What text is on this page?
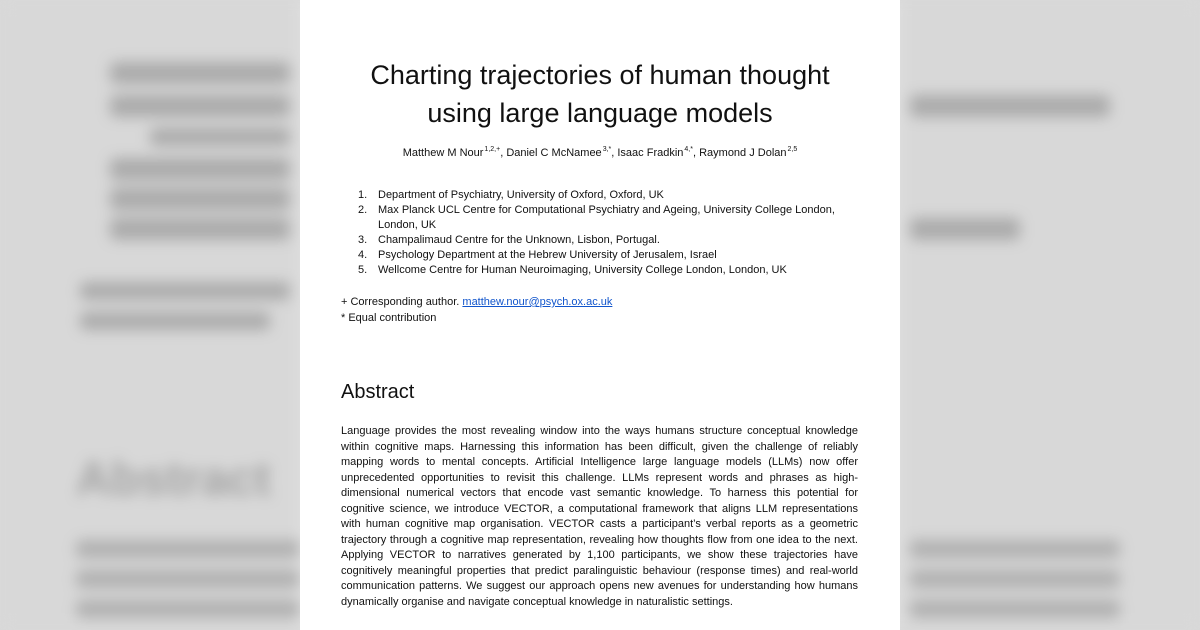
Abstract
Charting trajectories of human thought
using large language models
Matthew M Nour$^{1,2,+}$, Daniel C McNamee$^{3,*}$, Isaac Fradkin$^{4,*}$, Raymond J Dolan$^{2,5}$
1. Department of Psychiatry, University of Oxford, Oxford, UK
2. Max Planck UCL Centre for Computational Psychiatry and Ageing, University College London, London, UK
3. Champalimaud Centre for the Unknown, Lisbon, Portugal.
4. Psychology Department at the Hebrew University of Jerusalem, Israel
5. Wellcome Centre for Human Neuroimaging, University College London, London, UK
+ Corresponding author. matthew.nour@psych.ox.ac.uk
* Equal contribution
Abstract

Language provides the most revealing window into the ways humans structure conceptual knowledge within cognitive maps. Harnessing this information has been difficult, given the challenge of reliably mapping words to mental concepts. Artificial Intelligence large language models (LLMs) now offer unprecedented opportunities to revisit this challenge. LLMs represent words and phrases as high-dimensional numerical vectors that encode vast semantic knowledge. To harness this potential for cognitive science, we introduce VECTOR, a computational framework that aligns LLM representations with human cognitive map organisation. VECTOR casts a participant’s verbal reports as a geometric trajectory through a cognitive map representation, revealing how thoughts flow from one idea to the next. Applying VECTOR to narratives generated by 1,100 participants, we show these trajectories have cognitively meaningful properties that predict paralinguistic behaviour (response times) and real-world communication patterns. We suggest our approach opens new avenues for understanding how humans dynamically organise and navigate conceptual knowledge in naturalistic settings.
